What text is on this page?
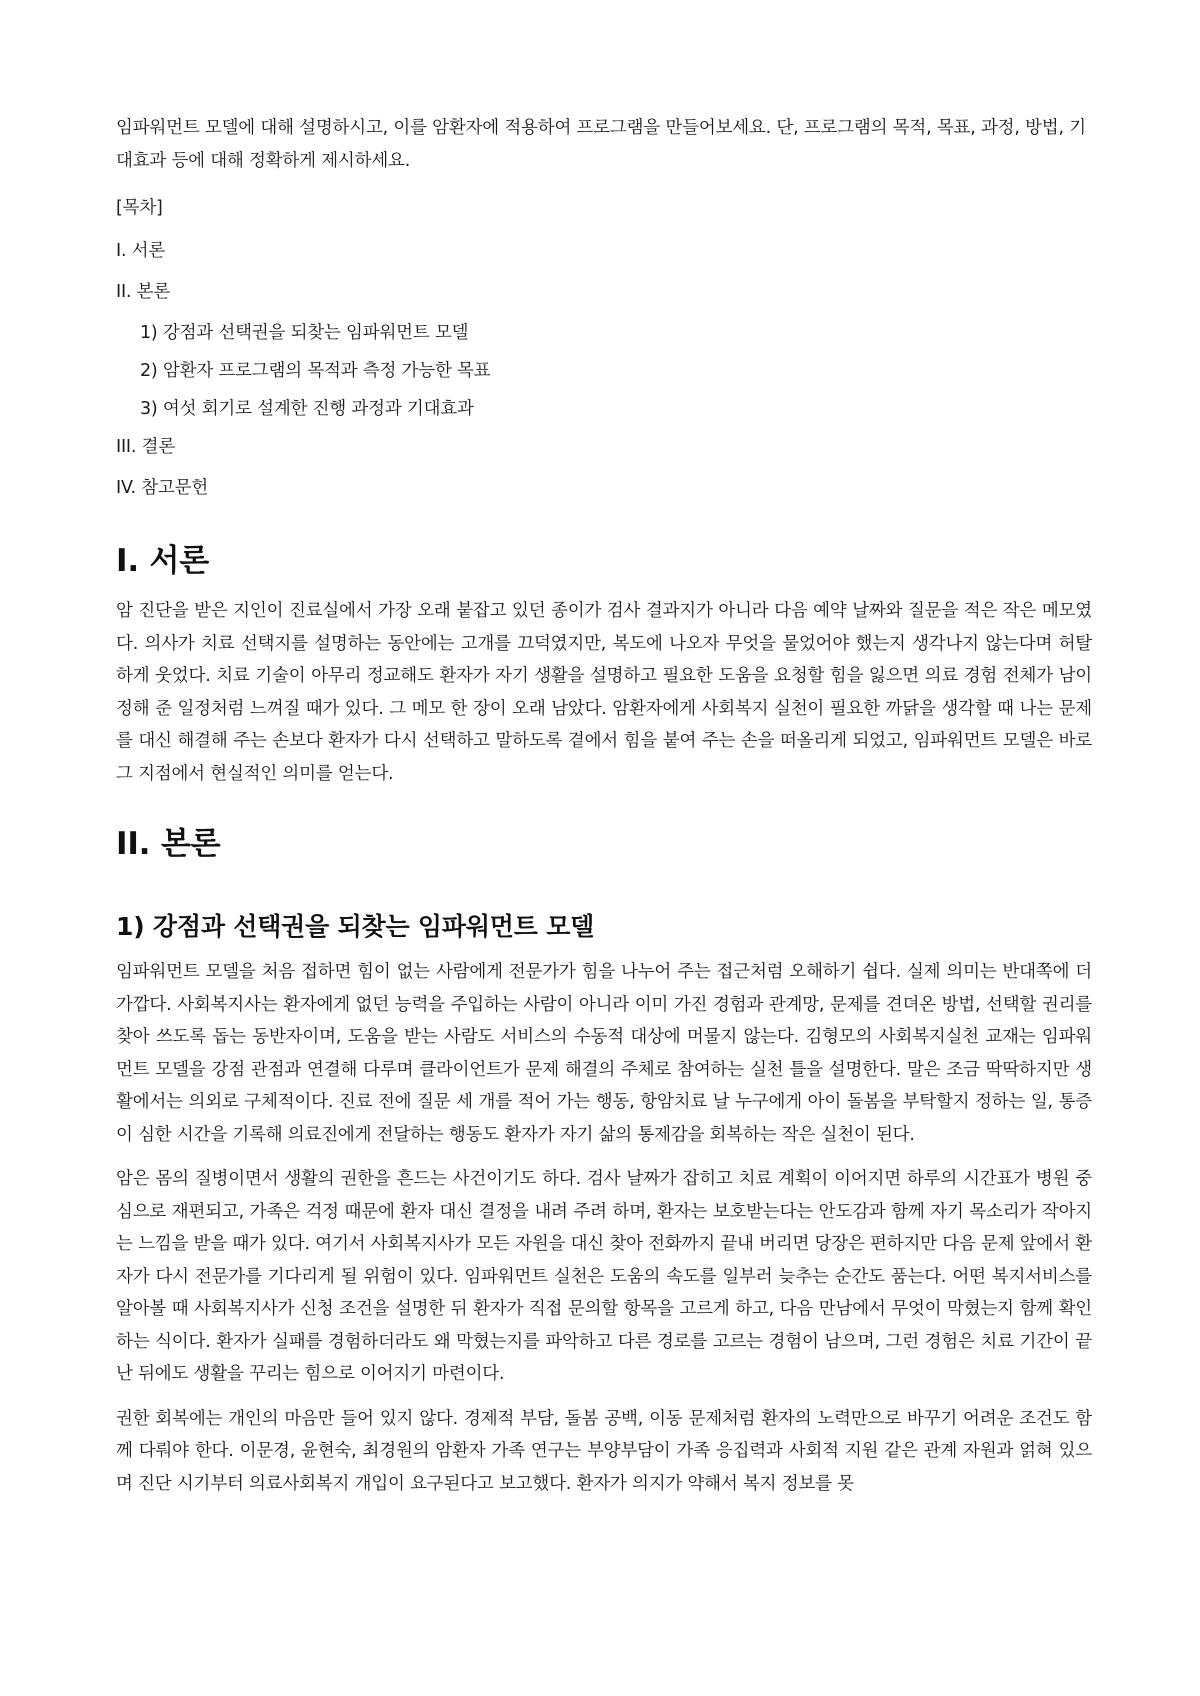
임파워먼트 모델에 대해 설명하시고, 이를 암환자에 적용하여 프로그램을 만들어보세요. 단, 프로그램의 목적, 목표, 과정, 방법, 기대효과 등에 대해 정확하게 제시하세요.

[목차]

I. 서론
II. 본론
1) 강점과 선택권을 되찾는 임파워먼트 모델
2) 암환자 프로그램의 목적과 측정 가능한 목표
3) 여섯 회기로 설계한 진행 과정과 기대효과
III. 결론
IV. 참고문헌
I. 서론

암 진단을 받은 지인이 진료실에서 가장 오래 붙잡고 있던 종이가 검사 결과지가 아니라 다음 예약 날짜와 질문을 적은 작은 메모였다. 의사가 치료 선택지를 설명하는 동안에는 고개를 끄덕였지만, 복도에 나오자 무엇을 물었어야 했는지 생각나지 않는다며 허탈하게 웃었다. 치료 기술이 아무리 정교해도 환자가 자기 생활을 설명하고 필요한 도움을 요청할 힘을 잃으면 의료 경험 전체가 남이 정해 준 일정처럼 느껴질 때가 있다. 그 메모 한 장이 오래 남았다. 암환자에게 사회복지 실천이 필요한 까닭을 생각할 때 나는 문제를 대신 해결해 주는 손보다 환자가 다시 선택하고 말하도록 곁에서 힘을 붙여 주는 손을 떠올리게 되었고, 임파워먼트 모델은 바로 그 지점에서 현실적인 의미를 얻는다.

II. 본론
1) 강점과 선택권을 되찾는 임파워먼트 모델

임파워먼트 모델을 처음 접하면 힘이 없는 사람에게 전문가가 힘을 나누어 주는 접근처럼 오해하기 쉽다. 실제 의미는 반대쪽에 더 가깝다. 사회복지사는 환자에게 없던 능력을 주입하는 사람이 아니라 이미 가진 경험과 관계망, 문제를 견뎌온 방법, 선택할 권리를 찾아 쓰도록 돕는 동반자이며, 도움을 받는 사람도 서비스의 수동적 대상에 머물지 않는다. 김형모의 사회복지실천 교재는 임파워먼트 모델을 강점 관점과 연결해 다루며 클라이언트가 문제 해결의 주체로 참여하는 실천 틀을 설명한다. 말은 조금 딱딱하지만 생활에서는 의외로 구체적이다. 진료 전에 질문 세 개를 적어 가는 행동, 항암치료 날 누구에게 아이 돌봄을 부탁할지 정하는 일, 통증이 심한 시간을 기록해 의료진에게 전달하는 행동도 환자가 자기 삶의 통제감을 회복하는 작은 실천이 된다.

암은 몸의 질병이면서 생활의 권한을 흔드는 사건이기도 하다. 검사 날짜가 잡히고 치료 계획이 이어지면 하루의 시간표가 병원 중심으로 재편되고, 가족은 걱정 때문에 환자 대신 결정을 내려 주려 하며, 환자는 보호받는다는 안도감과 함께 자기 목소리가 작아지는 느낌을 받을 때가 있다. 여기서 사회복지사가 모든 자원을 대신 찾아 전화까지 끝내 버리면 당장은 편하지만 다음 문제 앞에서 환자가 다시 전문가를 기다리게 될 위험이 있다. 임파워먼트 실천은 도움의 속도를 일부러 늦추는 순간도 품는다. 어떤 복지서비스를 알아볼 때 사회복지사가 신청 조건을 설명한 뒤 환자가 직접 문의할 항목을 고르게 하고, 다음 만남에서 무엇이 막혔는지 함께 확인하는 식이다. 환자가 실패를 경험하더라도 왜 막혔는지를 파악하고 다른 경로를 고르는 경험이 남으며, 그런 경험은 치료 기간이 끝난 뒤에도 생활을 꾸리는 힘으로 이어지기 마련이다.

권한 회복에는 개인의 마음만 들어 있지 않다. 경제적 부담, 돌봄 공백, 이동 문제처럼 환자의 노력만으로 바꾸기 어려운 조건도 함께 다뤄야 한다. 이문경, 윤현숙, 최경원의 암환자 가족 연구는 부양부담이 가족 응집력과 사회적 지원 같은 관계 자원과 얽혀 있으며 진단 시기부터 의료사회복지 개입이 요구된다고 보고했다. 환자가 의지가 약해서 복지 정보를 못
